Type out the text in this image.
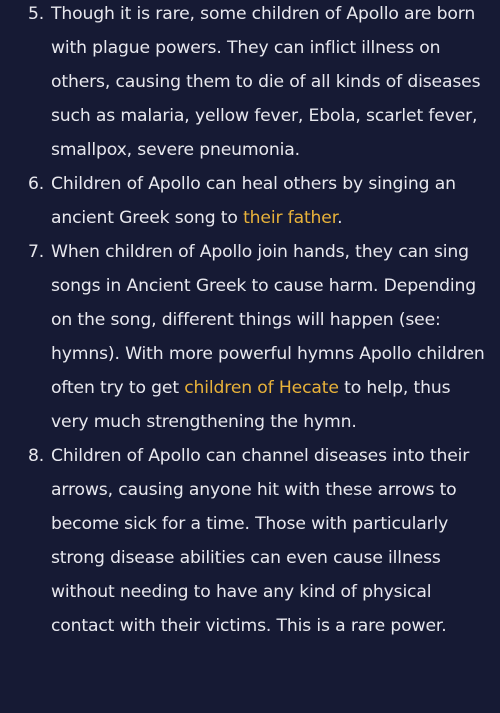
5. Though it is rare, some children of Apollo are born with plague powers. They can inflict illness on others, causing them to die of all kinds of diseases such as malaria, yellow fever, Ebola, scarlet fever, smallpox, severe pneumonia.
6. Children of Apollo can heal others by singing an ancient Greek song to their father.
7. When children of Apollo join hands, they can sing songs in Ancient Greek to cause harm. Depending on the song, different things will happen (see: hymns). With more powerful hymns Apollo children often try to get children of Hecate to help, thus very much strengthening the hymn.
8. Children of Apollo can channel diseases into their arrows, causing anyone hit with these arrows to become sick for a time. Those with particularly strong disease abilities can even cause illness without needing to have any kind of physical contact with their victims. This is a rare power.
